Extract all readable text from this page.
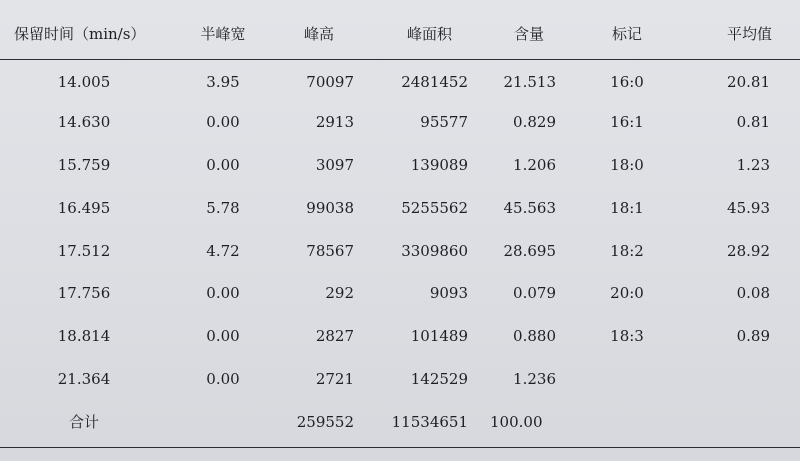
保留时间（min/s）	半峰宽	峰高	峰面积	含量	标记	平均值
14.005	3.95	70097	2481452	21.513	16:0	20.81
14.630	0.00	2913	95577	0.829	16:1	0.81
15.759	0.00	3097	139089	1.206	18:0	1.23
16.495	5.78	99038	5255562	45.563	18:1	45.93
17.512	4.72	78567	3309860	28.695	18:2	28.92
17.756	0.00	292	9093	0.079	20:0	0.08
18.814	0.00	2827	101489	0.880	18:3	0.89
21.364	0.00	2721	142529	1.236		
合计		259552	11534651	100.00		
